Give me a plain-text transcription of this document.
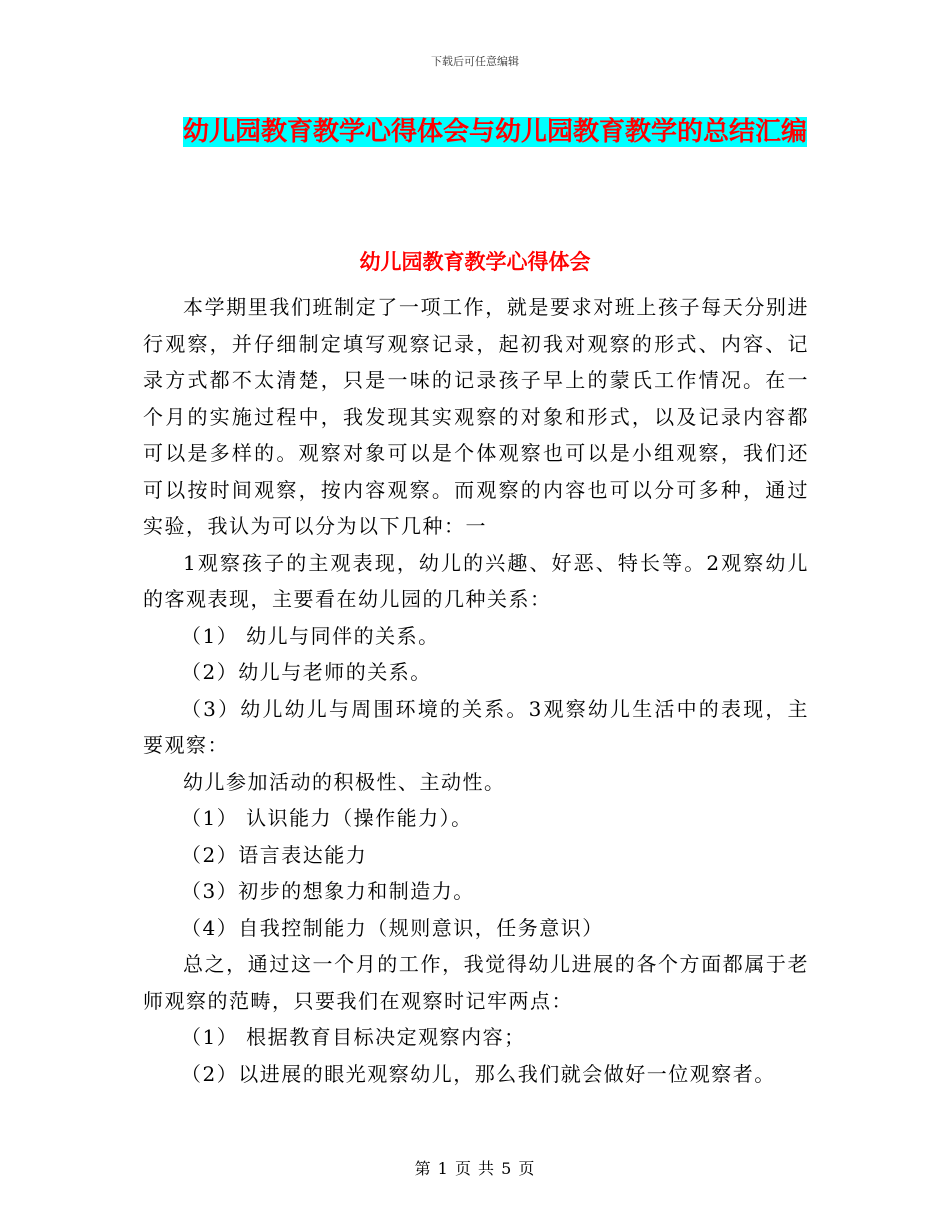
下载后可任意编辑
幼儿园教育教学心得体会与幼儿园教育教学的总结汇编
幼儿园教育教学心得体会

本学期里我们班制定了一项工作，就是要求对班上孩子每天分别进行观察，并仔细制定填写观察记录，起初我对观察的形式、内容、记录方式都不太清楚，只是一味的记录孩子早上的蒙氏工作情况。在一个月的实施过程中，我发现其实观察的对象和形式，以及记录内容都可以是多样的。观察对象可以是个体观察也可以是小组观察，我们还可以按时间观察，按内容观察。而观察的内容也可以分可多种，通过实验，我认为可以分为以下几种：一

1观察孩子的主观表现，幼儿的兴趣、好恶、特长等。2观察幼儿的客观表现，主要看在幼儿园的几种关系：

（1） 幼儿与同伴的关系。

（2）幼儿与老师的关系。

（3）幼儿幼儿与周围环境的关系。3观察幼儿生活中的表现，主要观察：

幼儿参加活动的积极性、主动性。

（1） 认识能力（操作能力）。

（2）语言表达能力

（3）初步的想象力和制造力。

（4）自我控制能力（规则意识，任务意识）

总之，通过这一个月的工作，我觉得幼儿进展的各个方面都属于老师观察的范畴，只要我们在观察时记牢两点：

（1） 根据教育目标决定观察内容；

（2）以进展的眼光观察幼儿，那么我们就会做好一位观察者。

第 1 页 共 5 页
